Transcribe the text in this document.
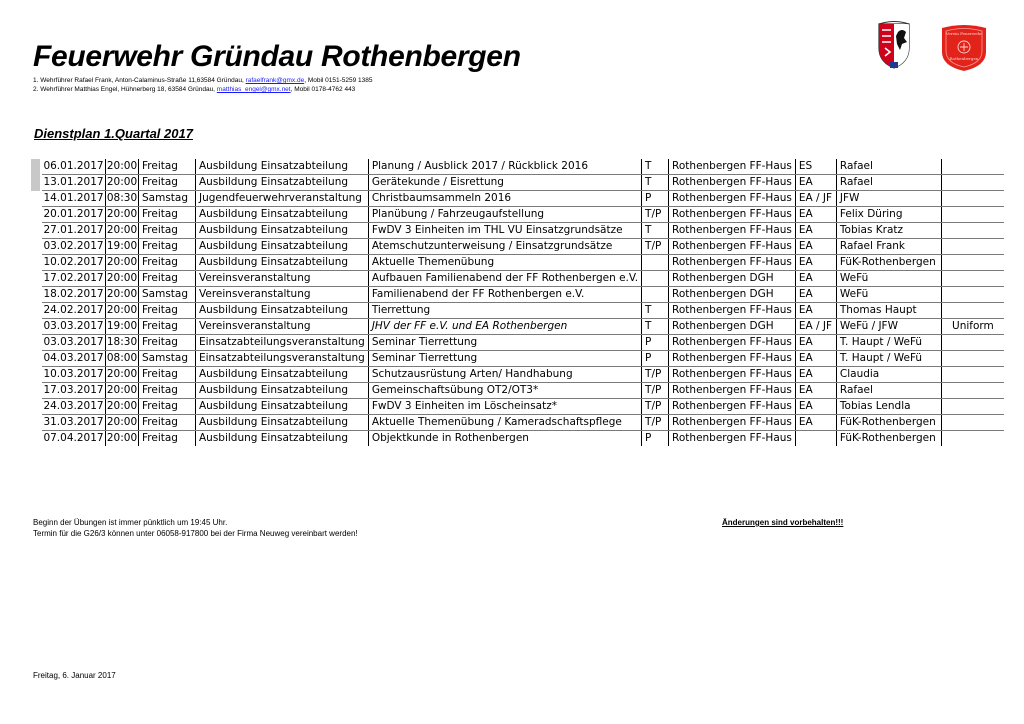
Feuerwehr Gründau Rothenbergen
1. Wehrführer Rafael Frank, Anton-Calaminus-Straße 11,63584 Gründau, rafaelfrank@gmx.de, Mobil 0151-5259 1385
2. Wehrführer Matthias Engel, Hühnerberg 18, 63584 Gründau, matthias_engel@gmx.net, Mobil 0178-4762 443
Verein Feuerwehr
Rothenbergen
Dienstplan 1.Quartal 2017
06.01.2017	20:00	Freitag	Ausbildung Einsatzabteilung	Planung / Ausblick 2017 / Rückblick 2016	T	Rothenbergen FF-Haus	ES	Rafael	
13.01.2017	20:00	Freitag	Ausbildung Einsatzabteilung	Gerätekunde / Eisrettung	T	Rothenbergen FF-Haus	EA	Rafael	
14.01.2017	08:30	Samstag	Jugendfeuerwehrveranstaltung	Christbaumsammeln 2016	P	Rothenbergen FF-Haus	EA / JF	JFW	
20.01.2017	20:00	Freitag	Ausbildung Einsatzabteilung	Planübung / Fahrzeugaufstellung	T/P	Rothenbergen FF-Haus	EA	Felix Düring	
27.01.2017	20:00	Freitag	Ausbildung Einsatzabteilung	FwDV 3 Einheiten im THL VU Einsatzgrundsätze	T	Rothenbergen FF-Haus	EA	Tobias Kratz	
03.02.2017	19:00	Freitag	Ausbildung Einsatzabteilung	Atemschutzunterweisung / Einsatzgrundsätze	T/P	Rothenbergen FF-Haus	EA	Rafael Frank	
10.02.2017	20:00	Freitag	Ausbildung Einsatzabteilung	Aktuelle Themenübung		Rothenbergen FF-Haus	EA	FüK-Rothenbergen	
17.02.2017	20:00	Freitag	Vereinsveranstaltung	Aufbauen Familienabend der FF Rothenbergen e.V.		Rothenbergen DGH	EA	WeFü	
18.02.2017	20:00	Samstag	Vereinsveranstaltung	Familienabend der FF Rothenbergen e.V.		Rothenbergen DGH	EA	WeFü	
24.02.2017	20:00	Freitag	Ausbildung Einsatzabteilung	Tierrettung	T	Rothenbergen FF-Haus	EA	Thomas Haupt	
03.03.2017	19:00	Freitag	Vereinsveranstaltung	JHV der FF e.V. und EA Rothenbergen	T	Rothenbergen DGH	EA / JF	WeFü / JFW	Uniform
03.03.2017	18:30	Freitag	Einsatzabteilungsveranstaltung	Seminar Tierrettung	P	Rothenbergen FF-Haus	EA	T. Haupt / WeFü	
04.03.2017	08:00	Samstag	Einsatzabteilungsveranstaltung	Seminar Tierrettung	P	Rothenbergen FF-Haus	EA	T. Haupt / WeFü	
10.03.2017	20:00	Freitag	Ausbildung Einsatzabteilung	Schutzausrüstung Arten/ Handhabung	T/P	Rothenbergen FF-Haus	EA	Claudia	
17.03.2017	20:00	Freitag	Ausbildung Einsatzabteilung	Gemeinschaftsübung OT2/OT3*	T/P	Rothenbergen FF-Haus	EA	Rafael	
24.03.2017	20:00	Freitag	Ausbildung Einsatzabteilung	FwDV 3 Einheiten im Löscheinsatz*	T/P	Rothenbergen FF-Haus	EA	Tobias Lendla	
31.03.2017	20:00	Freitag	Ausbildung Einsatzabteilung	Aktuelle Themenübung / Kameradschaftspflege	T/P	Rothenbergen FF-Haus	EA	FüK-Rothenbergen	
07.04.2017	20:00	Freitag	Ausbildung Einsatzabteilung	Objektkunde in Rothenbergen	P	Rothenbergen FF-Haus		FüK-Rothenbergen	
Beginn der Übungen ist immer pünktlich um 19:45 Uhr.
Termin für die G26/3 können unter 06058-917800 bei der Firma Neuweg vereinbart werden!
Änderungen sind vorbehalten!!!
Freitag, 6. Januar 2017
